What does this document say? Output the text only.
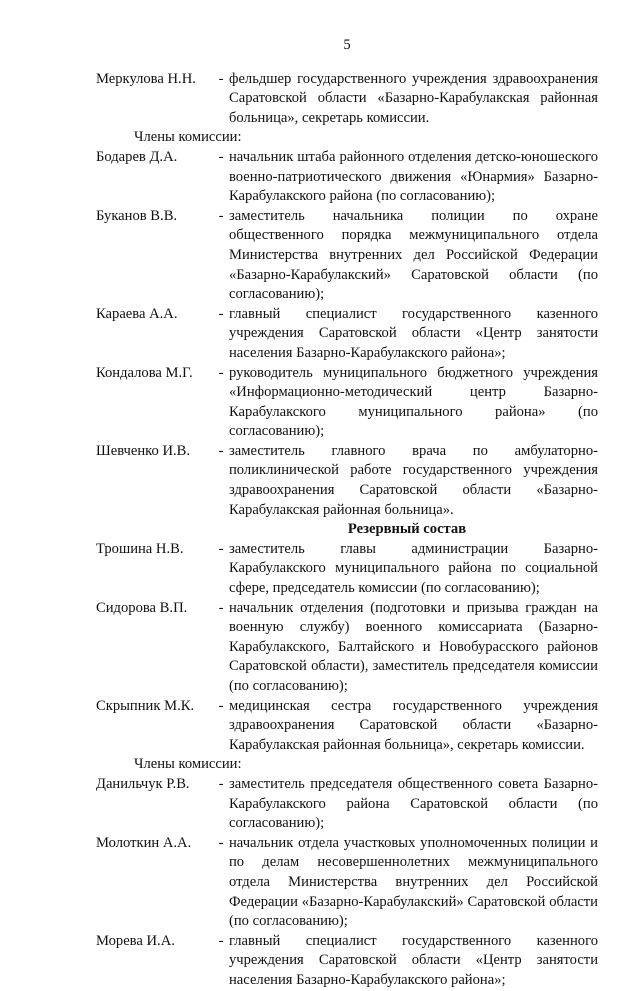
5
Меркулова Н.Н.	- фельдшер государственного учреждения здравоохранения Саратовской области «Базарно-Карабулакская районная больница», секретарь комиссии.
Члены комиссии:
Бодарев Д.А.	- начальник штаба районного отделения детско-юношеского военно-патриотического движения «Юнармия» Базарно-Карабулакского района (по согласованию);
Буканов В.В.	- заместитель начальника полиции по охране общественного порядка межмуниципального отдела Министерства внутренних дел Российской Федерации «Базарно-Карабулакский» Саратовской области (по согласованию);
Караева А.А.	- главный специалист государственного казенного учреждения Саратовской области «Центр занятости населения Базарно-Карабулакского района»;
Кондалова М.Г.	- руководитель муниципального бюджетного учреждения «Информационно-методический центр Базарно-Карабулакского муниципального района» (по согласованию);
Шевченко И.В.	- заместитель главного врача по амбулаторно-поликлинической работе государственного учреждения здравоохранения Саратовской области «Базарно-Карабулакская районная больница».
Резервный состав
Трошина Н.В.	- заместитель главы администрации Базарно-Карабулакского муниципального района по социальной сфере, председатель комиссии (по согласованию);
Сидорова В.П.	- начальник отделения (подготовки и призыва граждан на военную службу) военного комиссариата (Базарно-Карабулакского, Балтайского и Новобурасского районов Саратовской области), заместитель председателя комиссии (по согласованию);
Скрыпник М.К.	- медицинская сестра государственного учреждения здравоохранения Саратовской области «Базарно-Карабулакская районная больница», секретарь комиссии.
Члены комиссии:
Данильчук Р.В.	- заместитель председателя общественного совета Базарно-Карабулакского района Саратовской области (по согласованию);
Молоткин А.А.	- начальник отдела участковых уполномоченных полиции и по делам несовершеннолетних межмуниципального отдела Министерства внутренних дел Российской Федерации «Базарно-Карабулакский» Саратовской области (по согласованию);
Морева И.А.	- главный специалист государственного казенного учреждения Саратовской области «Центр занятости населения Базарно-Карабулакского района»;
